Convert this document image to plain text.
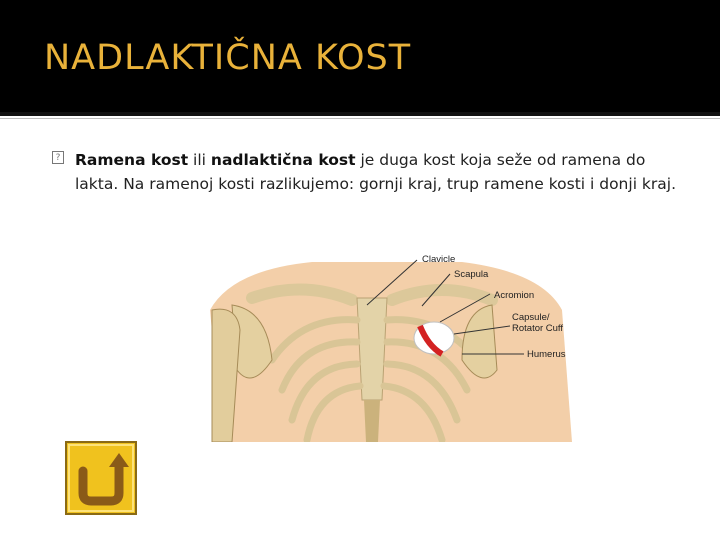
NADLAKTIČNA KOST
? Ramena kost ili nadlaktična kost je duga kost koja seže od ramena do lakta. Na ramenoj kosti razlikujemo: gornji kraj, trup ramene kosti i donji kraj.
Clavicle
Scapula
Acromion
Capsule/
Rotator Cuff
Humerus
